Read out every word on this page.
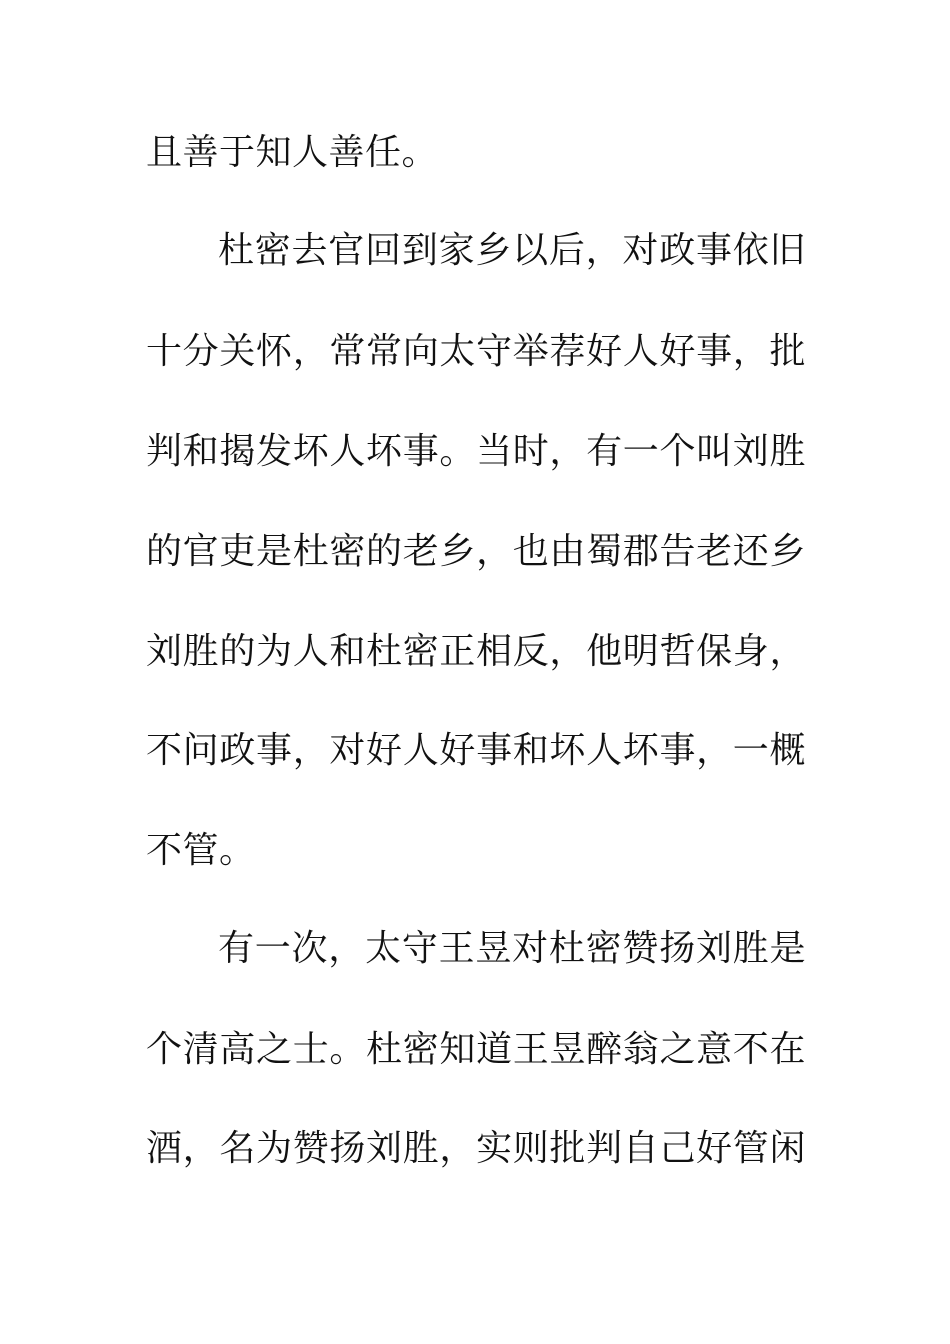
且善于知人善任。
杜密去官回到家乡以后，对政事依旧
十分关怀，常常向太守举荐好人好事，批
判和揭发坏人坏事。当时，有一个叫刘胜
的官吏是杜密的老乡，也由蜀郡告老还乡
刘胜的为人和杜密正相反，他明哲保身，
不问政事，对好人好事和坏人坏事，一概
不管。
有一次，太守王昱对杜密赞扬刘胜是
个清高之士。杜密知道王昱醉翁之意不在
酒，名为赞扬刘胜，实则批判自己好管闲
